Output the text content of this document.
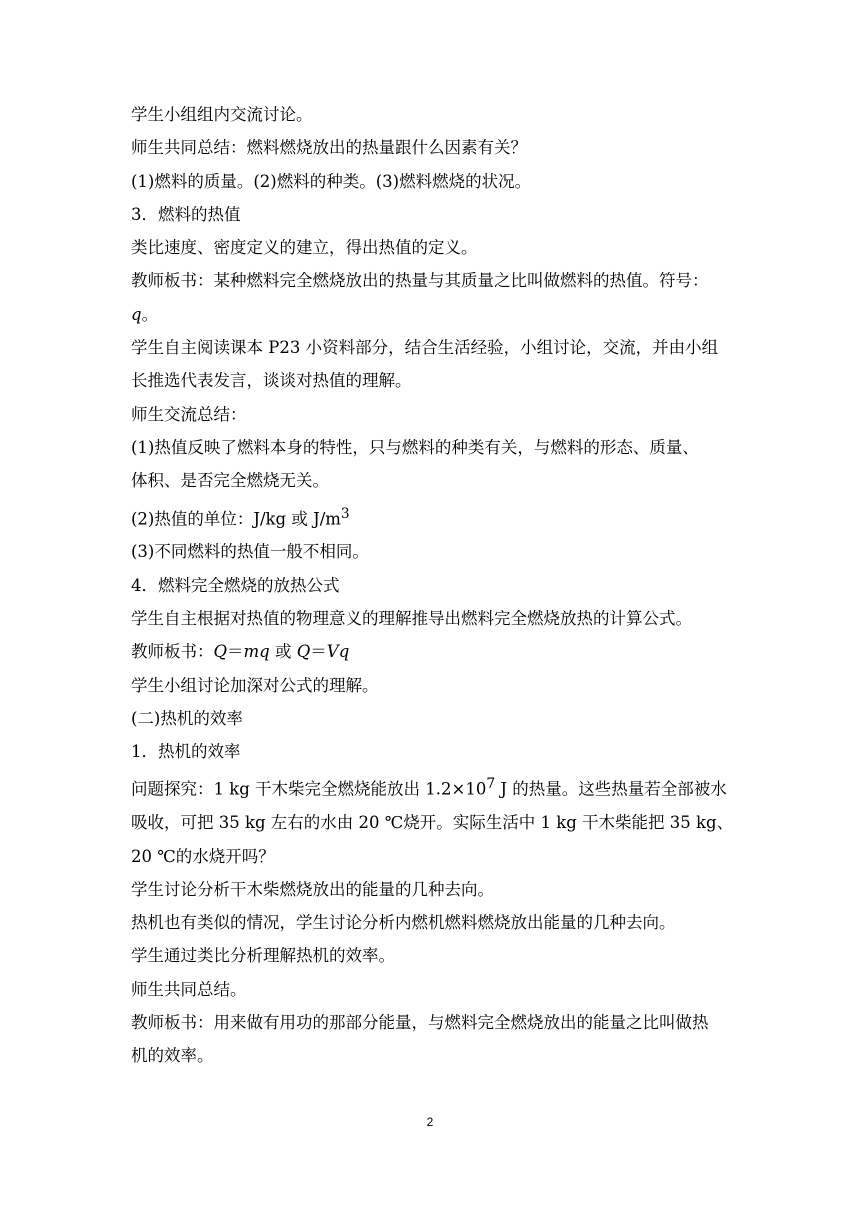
学生小组组内交流讨论。
师生共同总结：燃料燃烧放出的热量跟什么因素有关？
(1)燃料的质量。(2)燃料的种类。(3)燃料燃烧的状况。
3．燃料的热值
类比速度、密度定义的建立，得出热值的定义。
教师板书：某种燃料完全燃烧放出的热量与其质量之比叫做燃料的热值。符号：
q。
学生自主阅读课本 P23 小资料部分，结合生活经验，小组讨论，交流，并由小组
长推选代表发言，谈谈对热值的理解。
师生交流总结：
(1)热值反映了燃料本身的特性，只与燃料的种类有关，与燃料的形态、质量、
体积、是否完全燃烧无关。
(2)热值的单位：J/kg 或 $J/m^3$
(3)不同燃料的热值一般不相同。
4．燃料完全燃烧的放热公式
学生自主根据对热值的物理意义的理解推导出燃料完全燃烧放热的计算公式。
教师板书：Q＝mq 或 Q＝Vq
学生小组讨论加深对公式的理解。
(二)热机的效率
1．热机的效率
问题探究：1 kg 干木柴完全燃烧能放出 $1.2\times 10^7$ J 的热量。这些热量若全部被水
吸收，可把 35 kg 左右的水由 20 ℃烧开。实际生活中 1 kg 干木柴能把 35 kg、
20 ℃的水烧开吗？
学生讨论分析干木柴燃烧放出的能量的几种去向。
热机也有类似的情况，学生讨论分析内燃机燃料燃烧放出能量的几种去向。
学生通过类比分析理解热机的效率。
师生共同总结。
教师板书：用来做有用功的那部分能量，与燃料完全燃烧放出的能量之比叫做热
机的效率。
2
